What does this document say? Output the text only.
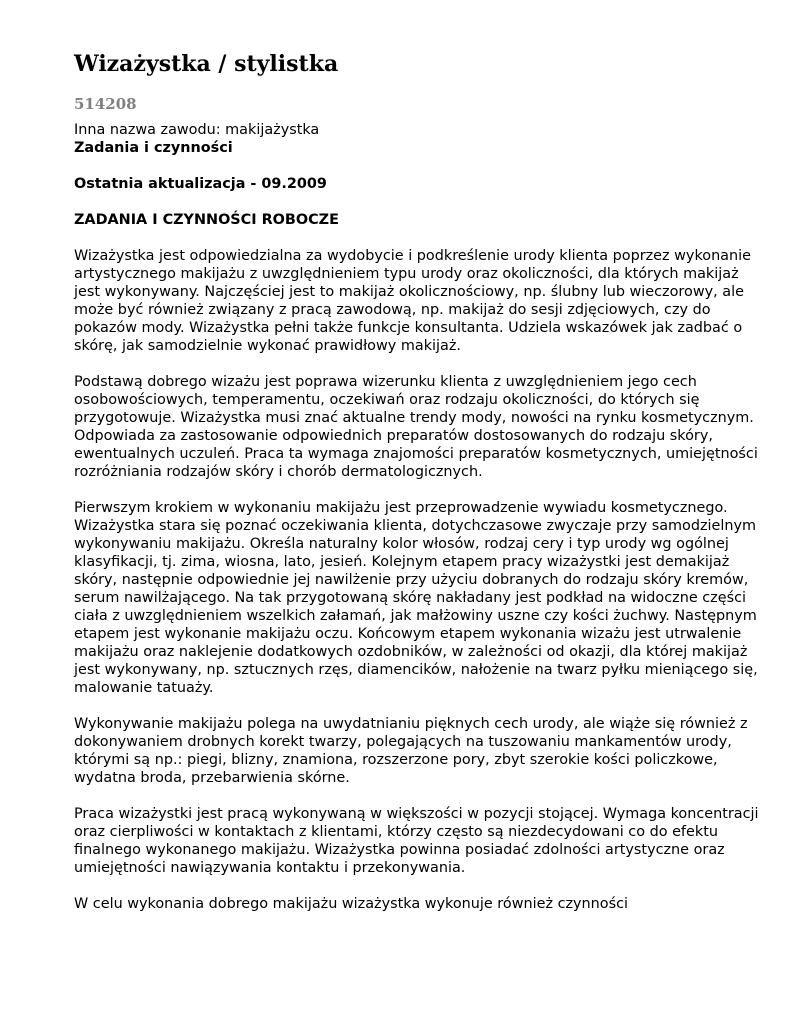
Wizażystka / stylistka
514208

Inna nazwa zawodu: makijażystka

Zadania i czynności

Ostatnia aktualizacja - 09.2009

ZADANIA I CZYNNOŚCI ROBOCZE

Wizażystka jest odpowiedzialna za wydobycie i podkreślenie urody klienta poprzez wykonanie artystycznego makijażu z uwzględnieniem typu urody oraz okoliczności, dla których makijaż jest wykonywany. Najczęściej jest to makijaż okolicznościowy, np. ślubny lub wieczorowy, ale może być również związany z pracą zawodową, np. makijaż do sesji zdjęciowych, czy do pokazów mody. Wizażystka pełni także funkcje konsultanta. Udziela wskazówek jak zadbać o skórę, jak samodzielnie wykonać prawidłowy makijaż.

Podstawą dobrego wizażu jest poprawa wizerunku klienta z uwzględnieniem jego cech osobowościowych, temperamentu, oczekiwań oraz rodzaju okoliczności, do których się przygotowuje. Wizażystka musi znać aktualne trendy mody, nowości na rynku kosmetycznym. Odpowiada za zastosowanie odpowiednich preparatów dostosowanych do rodzaju skóry, ewentualnych uczuleń. Praca ta wymaga znajomości preparatów kosmetycznych, umiejętności rozróżniania rodzajów skóry i chorób dermatologicznych.

Pierwszym krokiem w wykonaniu makijażu jest przeprowadzenie wywiadu kosmetycznego. Wizażystka stara się poznać oczekiwania klienta, dotychczasowe zwyczaje przy samodzielnym wykonywaniu makijażu. Określa naturalny kolor włosów, rodzaj cery i typ urody wg ogólnej klasyfikacji, tj. zima, wiosna, lato, jesień. Kolejnym etapem pracy wizażystki jest demakijaż skóry, następnie odpowiednie jej nawilżenie przy użyciu dobranych do rodzaju skóry kremów, serum nawilżającego. Na tak przygotowaną skórę nakładany jest podkład na widoczne części ciała z uwzględnieniem wszelkich załamań, jak małżowiny uszne czy kości żuchwy. Następnym etapem jest wykonanie makijażu oczu. Końcowym etapem wykonania wizażu jest utrwalenie makijażu oraz naklejenie dodatkowych ozdobników, w zależności od okazji, dla której makijaż jest wykonywany, np. sztucznych rzęs, diamencików, nałożenie na twarz pyłku mieniącego się, malowanie tatuaży.

Wykonywanie makijażu polega na uwydatnianiu pięknych cech urody, ale wiąże się również z dokonywaniem drobnych korekt twarzy, polegających na tuszowaniu mankamentów urody, którymi są np.: piegi, blizny, znamiona, rozszerzone pory, zbyt szerokie kości policzkowe, wydatna broda, przebarwienia skórne.

Praca wizażystki jest pracą wykonywaną w większości w pozycji stojącej. Wymaga koncentracji oraz cierpliwości w kontaktach z klientami, którzy często są niezdecydowani co do efektu finalnego wykonanego makijażu. Wizażystka powinna posiadać zdolności artystyczne oraz umiejętności nawiązywania kontaktu i przekonywania.

W celu wykonania dobrego makijażu wizażystka wykonuje również czynności
